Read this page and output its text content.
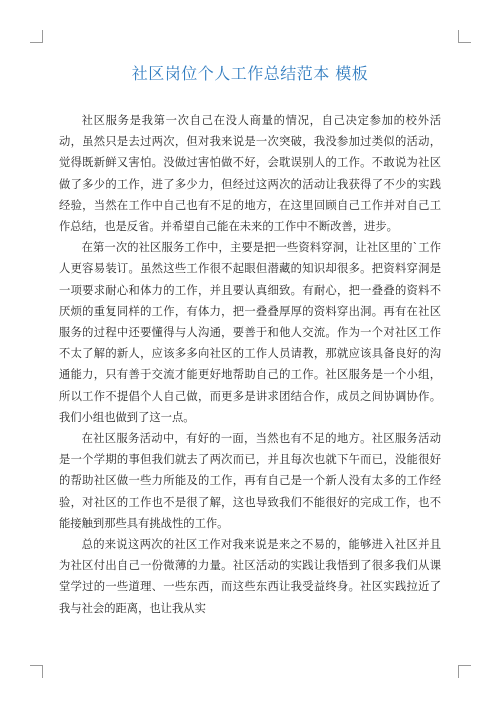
社区岗位个人工作总结范本 模板

社区服务是我第一次自己在没人商量的情况，自己决定参加的校外活动，虽然只是去过两次，但对我来说是一次突破，我没参加过类似的活动，觉得既新鲜又害怕。没做过害怕做不好，会耽误别人的工作。不敢说为社区做了多少的工作，进了多少力，但经过这两次的活动让我获得了不少的实践经验，当然在工作中自己也有不足的地方，在这里回顾自己工作并对自己工作总结，也是反省。并希望自己能在未来的工作中不断改善，进步。

在第一次的社区服务工作中，主要是把一些资料穿洞，让社区里的`工作人更容易装订。虽然这些工作很不起眼但潜藏的知识却很多。把资料穿洞是一项要求耐心和体力的工作，并且要认真细致。有耐心，把一叠叠的资料不厌烦的重复同样的工作，有体力，把一叠叠厚厚的资料穿出洞。再有在社区服务的过程中还要懂得与人沟通，要善于和他人交流。作为一个对社区工作不太了解的新人，应该多多向社区的工作人员请教，那就应该具备良好的沟通能力，只有善于交流才能更好地帮助自己的工作。社区服务是一个小组，所以工作不提倡个人自己做，而更多是讲求团结合作，成员之间协调协作。我们小组也做到了这一点。

在社区服务活动中，有好的一面，当然也有不足的地方。社区服务活动是一个学期的事但我们就去了两次而已，并且每次也就下午而已，没能很好的帮助社区做一些力所能及的工作，再有自己是一个新人没有太多的工作经验，对社区的工作也不是很了解，这也导致我们不能很好的完成工作，也不能接触到那些具有挑战性的工作。

总的来说这两次的社区工作对我来说是来之不易的，能够进入社区并且为社区付出自己一份微薄的力量。社区活动的实践让我悟到了很多我们从课堂学过的一些道理、一些东西，而这些东西让我受益终身。社区实践拉近了我与社会的距离，也让我从实
